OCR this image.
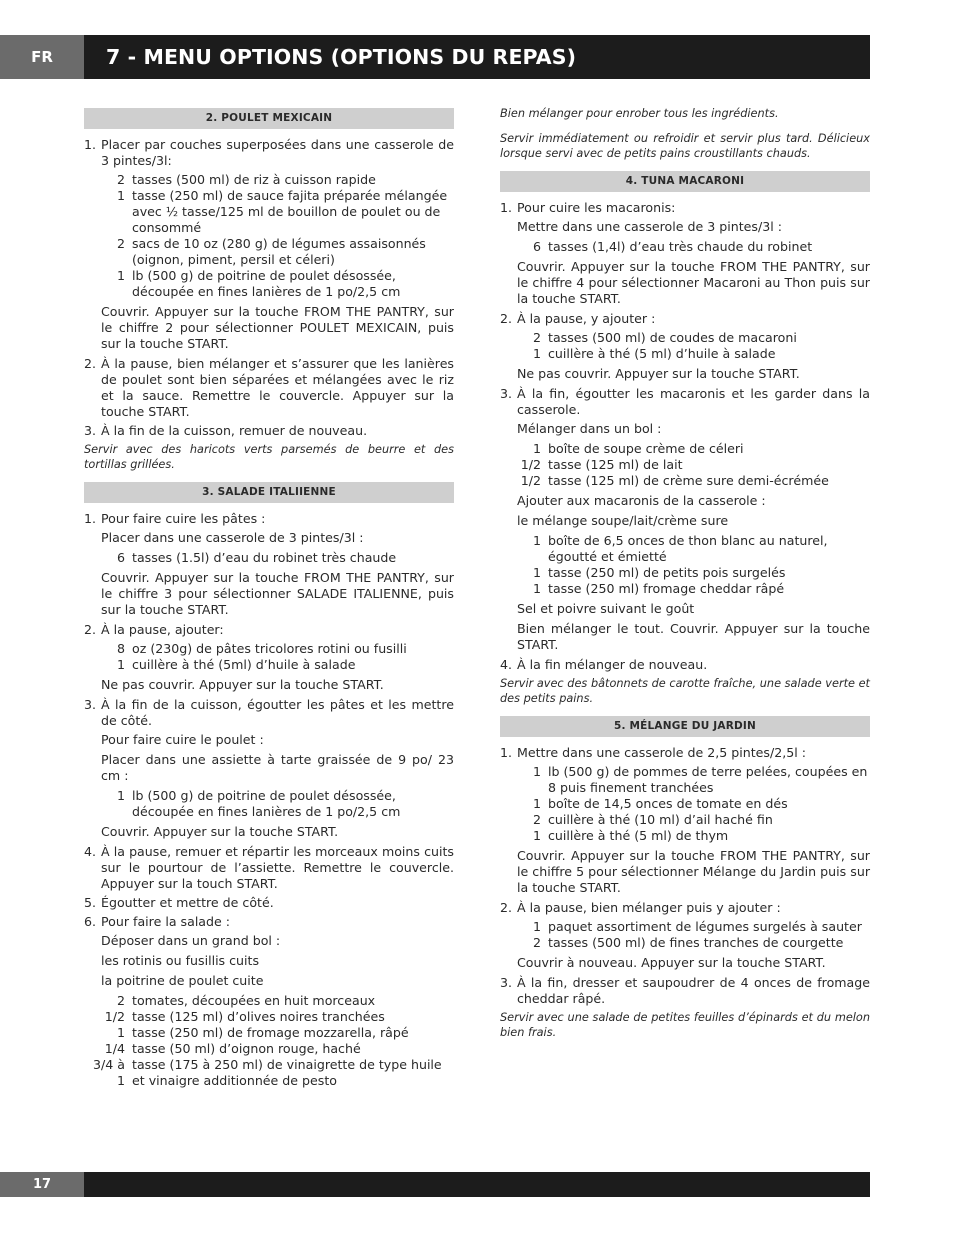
FR	7 - MENU OPTIONS (OPTIONS DU REPAS)
2. POULET MEXICAIN
1. Placer par couches superposées dans une casserole de 3 pintes/3l:
2 tasses (500 ml) de riz à cuisson rapide
1 tasse (250 ml) de sauce fajita préparée mélangée avec ½ tasse/125 ml de bouillon de poulet ou de consommé
2 sacs de 10 oz (280 g) de légumes assaisonnés (oignon, piment, persil et céleri)
1 lb (500 g) de poitrine de poulet désossée, découpée en fines lanières de 1 po/2,5 cm
Couvrir. Appuyer sur la touche FROM THE PANTRY, sur le chiffre 2 pour sélectionner POULET MEXICAIN, puis sur la touche START.
2. À la pause, bien mélanger et s’assurer que les lanières de poulet sont bien séparées et mélangées avec le riz et la sauce. Remettre le couvercle. Appuyer sur la touche START.
3. À la fin de la cuisson, remuer de nouveau.
Servir avec des haricots verts parsemés de beurre et des tortillas grillées.
3. SALADE ITALIIENNE
1. Pour faire cuire les pâtes :
Placer dans une casserole de 3 pintes/3l :
6 tasses (1.5l) d’eau du robinet très chaude
Couvrir. Appuyer sur la touche FROM THE PANTRY, sur le chiffre 3 pour sélectionner SALADE ITALIENNE, puis sur la touche START.
2. À la pause, ajouter:
8 oz (230g) de pâtes tricolores rotini ou fusilli
1 cuillère à thé (5ml) d’huile à salade
Ne pas couvrir. Appuyer sur la touche START.
3. À la fin de la cuisson, égoutter les pâtes et les mettre de côté.
Pour faire cuire le poulet :
Placer dans une assiette à tarte graissée de 9 po/ 23 cm :
1 lb (500 g) de poitrine de poulet désossée, découpée en fines lanières de 1 po/2,5 cm
Couvrir. Appuyer sur la touche START.
4. À la pause, remuer et répartir les morceaux moins cuits sur le pourtour de l’assiette. Remettre le couvercle. Appuyer sur la touch START.
5. Égoutter et mettre de côté.
6. Pour faire la salade :
Déposer dans un grand bol :
les rotinis ou fusillis cuits
la poitrine de poulet cuite
2 tomates, découpées en huit morceaux
1/2 tasse (125 ml) d’olives noires tranchées
1 tasse (250 ml) de fromage mozzarella, râpé
1/4 tasse (50 ml) d’oignon rouge, haché
3/4 à 1
tasse (175 à 250 ml) de vinaigrette de type huile et vinaigre additionnée de pesto
Bien mélanger pour enrober tous les ingrédients.
Servir immédiatement ou refroidir et servir plus tard. Délicieux lorsque servi avec de petits pains croustillants chauds.
4. TUNA MACARONI
1. Pour cuire les macaronis:
Mettre dans une casserole de 3 pintes/3l :
6 tasses (1,4l) d’eau très chaude du robinet
Couvrir. Appuyer sur la touche FROM THE PANTRY, sur le chiffre 4 pour sélectionner Macaroni au Thon puis sur la touche START.
2. À la pause, y ajouter :
2 tasses (500 ml) de coudes de macaroni
1 cuillère à thé (5 ml) d’huile à salade
Ne pas couvrir. Appuyer sur la touche START.
3. À la fin, égoutter les macaronis et les garder dans la casserole.
Mélanger dans un bol :
1 boîte de soupe crème de céleri
1/2 tasse (125 ml) de lait
1/2 tasse (125 ml) de crème sure demi-écrémée
Ajouter aux macaronis de la casserole :
le mélange soupe/lait/crème sure
1 boîte de 6,5 onces de thon blanc au naturel, égoutté et émietté
1 tasse (250 ml) de petits pois surgelés
1 tasse (250 ml) fromage cheddar râpé
Sel et poivre suivant le goût
Bien mélanger le tout. Couvrir. Appuyer sur la touche START.
4. À la fin mélanger de nouveau.
Servir avec des bâtonnets de carotte fraîche, une salade verte et des petits pains.
5. MÉLANGE DU JARDIN
1. Mettre dans une casserole de 2,5 pintes/2,5l :
1 lb (500 g) de pommes de terre pelées, coupées en 8 puis finement tranchées
1 boîte de 14,5 onces de tomate en dés
2 cuillère à thé (10 ml) d’ail haché fin
1 cuillère à thé (5 ml) de thym
Couvrir. Appuyer sur la touche FROM THE PANTRY, sur le chiffre 5 pour sélectionner Mélange du Jardin puis sur la touche START.
2. À la pause, bien mélanger puis y ajouter :
1 paquet assortiment de légumes surgelés à sauter
2 tasses (500 ml) de fines tranches de courgette
Couvrir à nouveau. Appuyer sur la touche START.
3. À la fin, dresser et saupoudrer de 4 onces de fromage cheddar râpé.
Servir avec une salade de petites feuilles d’épinards et du melon bien frais.
17
